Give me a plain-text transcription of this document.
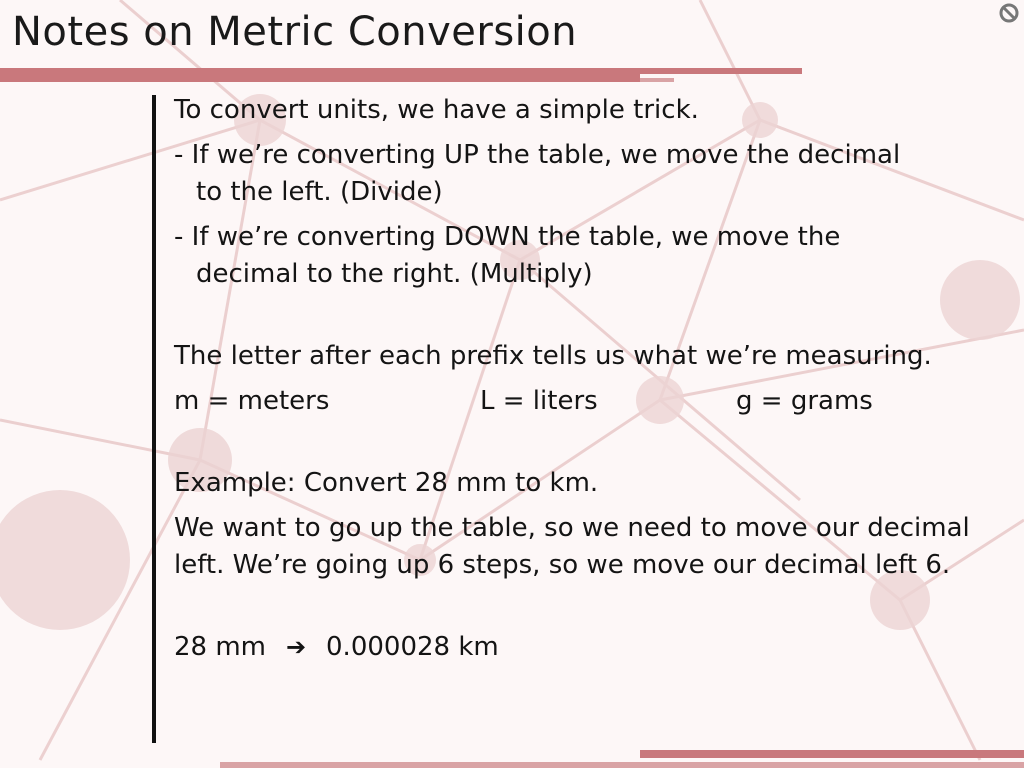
Notes on Metric Conversion

To convert units, we have a simple trick.

- If we’re converting UP the table, we move the decimal to the left. (Divide)

- If we’re converting DOWN the table, we move the decimal to the right. (Multiply)

The letter after each prefix tells us what we’re measuring.

m = meters	L = liters	g = grams

Example: Convert 28 mm to km.

We want to go up the table, so we need to move our decimal left. We’re going up 6 steps, so we move our decimal left 6.

28 mm ➔ 0.000028 km
